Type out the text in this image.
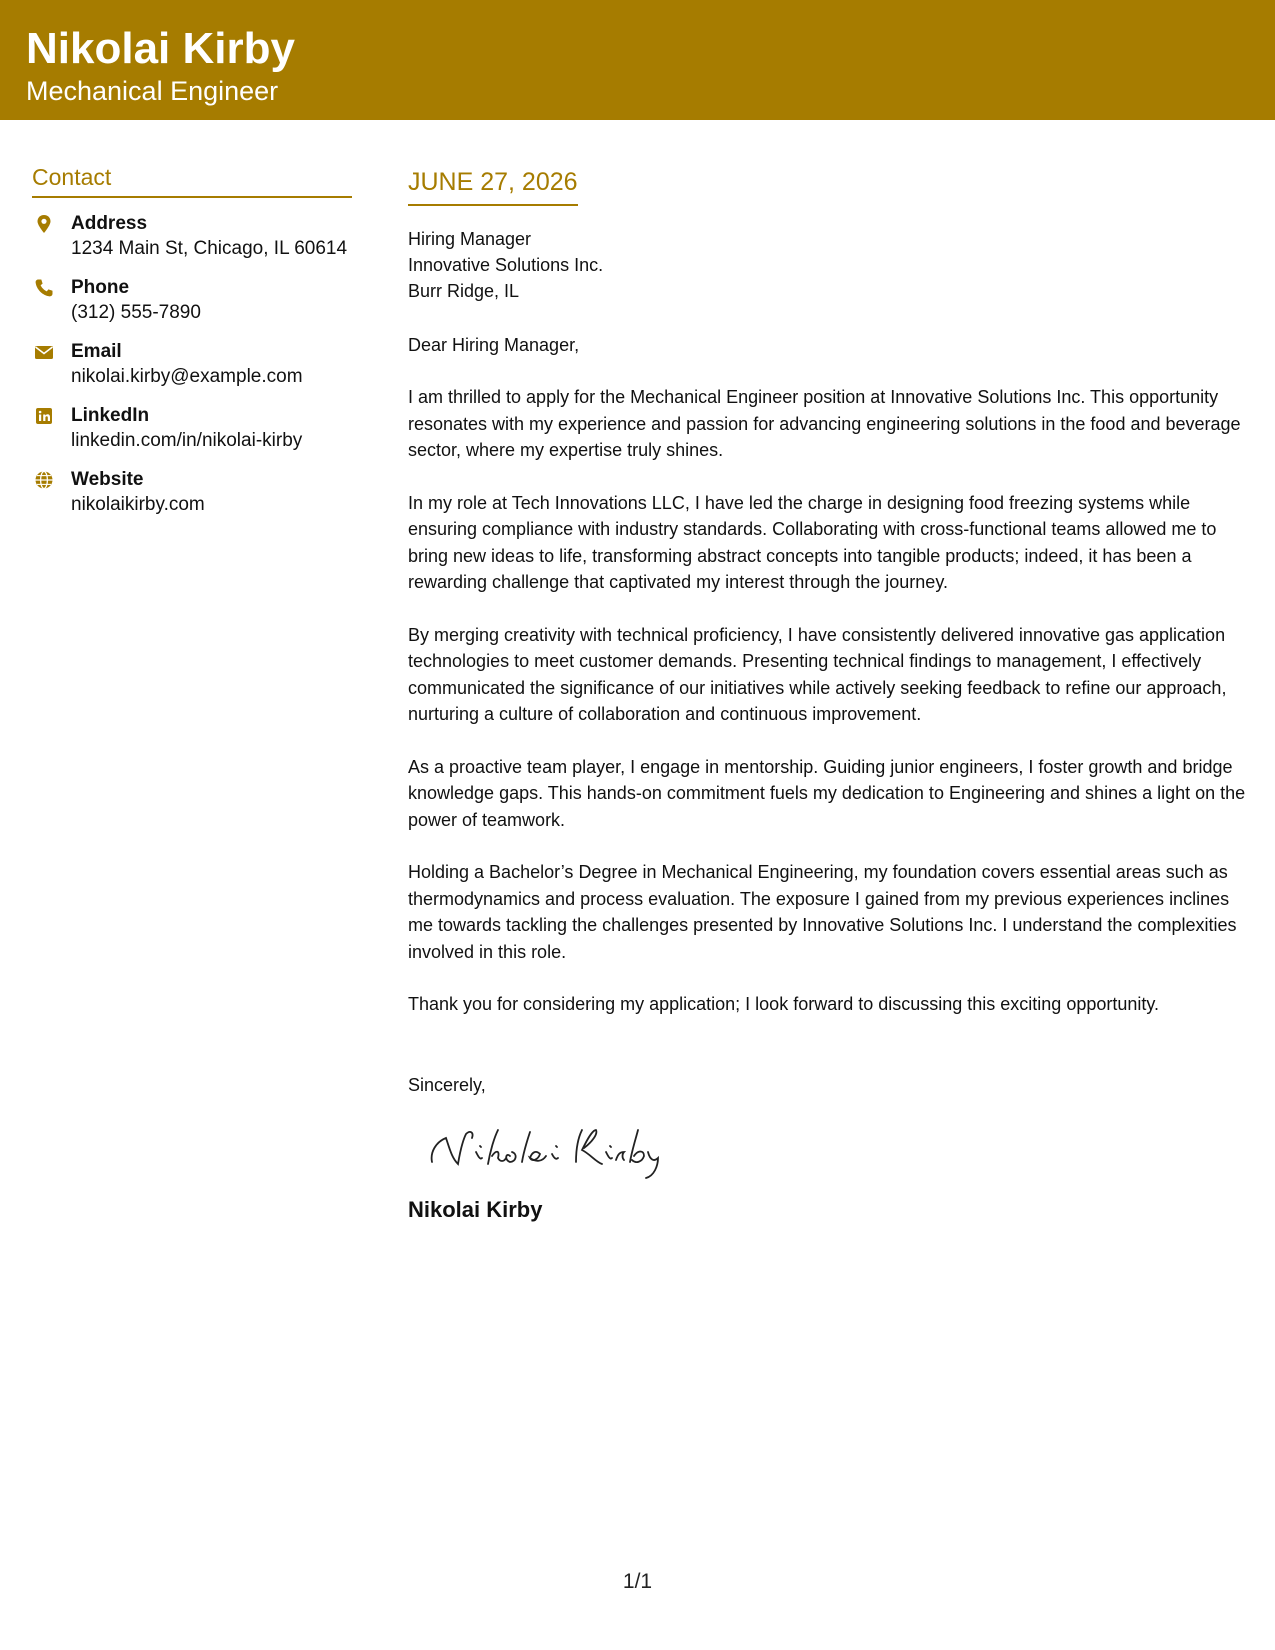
Nikolai Kirby
Mechanical Engineer
Contact
Address
1234 Main St, Chicago, IL 60614
Phone
(312) 555-7890
Email
nikolai.kirby@example.com
LinkedIn
linkedin.com/in/nikolai-kirby
Website
nikolaikirby.com
JUNE 27, 2026
Hiring Manager
Innovative Solutions Inc.
Burr Ridge, IL
Dear Hiring Manager,
I am thrilled to apply for the Mechanical Engineer position at Innovative Solutions Inc. This opportunity resonates with my experience and passion for advancing engineering solutions in the food and beverage sector, where my expertise truly shines.
In my role at Tech Innovations LLC, I have led the charge in designing food freezing systems while ensuring compliance with industry standards. Collaborating with cross-functional teams allowed me to bring new ideas to life, transforming abstract concepts into tangible products; indeed, it has been a rewarding challenge that captivated my interest through the journey.
By merging creativity with technical proficiency, I have consistently delivered innovative gas application technologies to meet customer demands. Presenting technical findings to management, I effectively communicated the significance of our initiatives while actively seeking feedback to refine our approach, nurturing a culture of collaboration and continuous improvement.
As a proactive team player, I engage in mentorship. Guiding junior engineers, I foster growth and bridge knowledge gaps. This hands-on commitment fuels my dedication to Engineering and shines a light on the power of teamwork.
Holding a Bachelor’s Degree in Mechanical Engineering, my foundation covers essential areas such as thermodynamics and process evaluation. The exposure I gained from my previous experiences inclines me towards tackling the challenges presented by Innovative Solutions Inc. I understand the complexities involved in this role.
Thank you for considering my application; I look forward to discussing this exciting opportunity.
Sincerely,
Nikolai Kirby
1/1
